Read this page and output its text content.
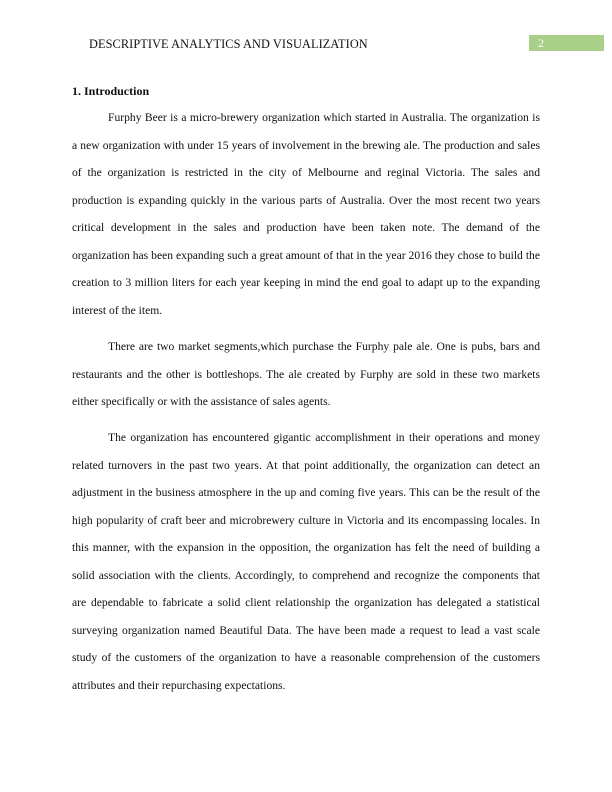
DESCRIPTIVE ANALYTICS AND VISUALIZATION	2
1. Introduction

Furphy Beer is a micro-brewery organization which started in Australia. The organization is a new organization with under 15 years of involvement in the brewing ale. The production and sales of the organization is restricted in the city of Melbourne and reginal Victoria. The sales and production is expanding quickly in the various parts of Australia. Over the most recent two years critical development in the sales and production have been taken note. The demand of the organization has been expanding such a great amount of that in the year 2016 they chose to build the creation to 3 million liters for each year keeping in mind the end goal to adapt up to the expanding interest of the item.

There are two market segments,which purchase the Furphy pale ale. One is pubs, bars and restaurants and the other is bottleshops. The ale created by Furphy are sold in these two markets either specifically or with the assistance of sales agents.

The organization has encountered gigantic accomplishment in their operations and money related turnovers in the past two years. At that point additionally, the organization can detect an adjustment in the business atmosphere in the up and coming five years. This can be the result of the high popularity of craft beer and microbrewery culture in Victoria and its encompassing locales. In this manner, with the expansion in the opposition, the organization has felt the need of building a solid association with the clients. Accordingly, to comprehend and recognize the components that are dependable to fabricate a solid client relationship the organization has delegated a statistical surveying organization named Beautiful Data. The have been made a request to lead a vast scale study of the customers of the organization to have a reasonable comprehension of the customers attributes and their repurchasing expectations.
